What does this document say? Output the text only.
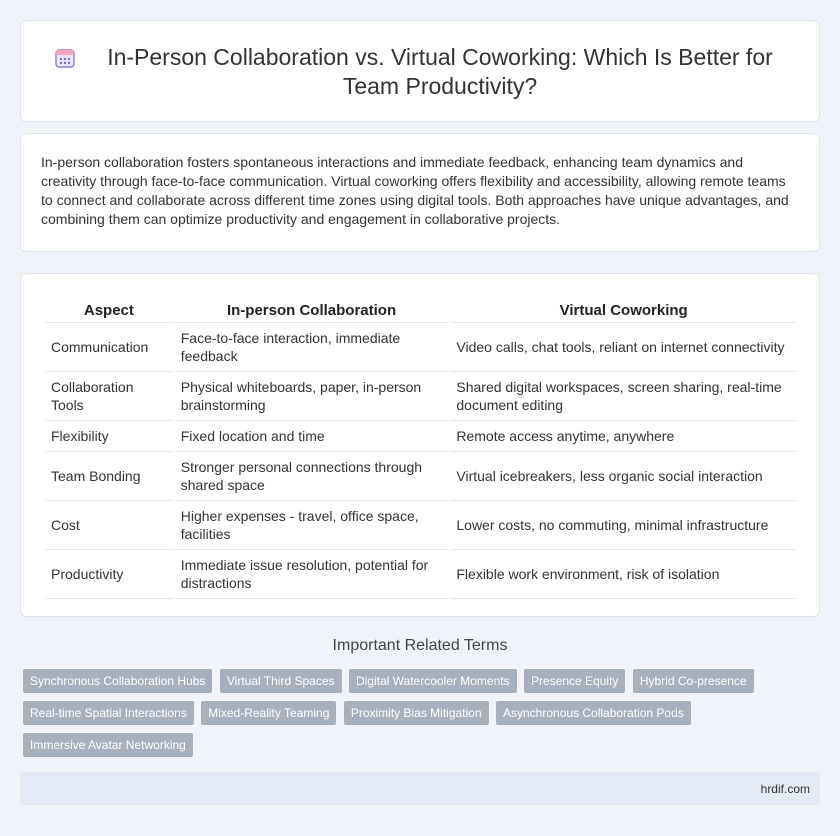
In-Person Collaboration vs. Virtual Coworking: Which Is Better for Team Productivity?

In-person collaboration fosters spontaneous interactions and immediate feedback, enhancing team dynamics and creativity through face-to-face communication. Virtual coworking offers flexibility and accessibility, allowing remote teams to connect and collaborate across different time zones using digital tools. Both approaches have unique advantages, and combining them can optimize productivity and engagement in collaborative projects.

Aspect	In-person Collaboration	Virtual Coworking
Communication	Face-to-face interaction, immediate feedback	Video calls, chat tools, reliant on internet connectivity
Collaboration Tools	Physical whiteboards, paper, in-person brainstorming	Shared digital workspaces, screen sharing, real-time document editing
Flexibility	Fixed location and time	Remote access anytime, anywhere
Team Bonding	Stronger personal connections through shared space	Virtual icebreakers, less organic social interaction
Cost	Higher expenses - travel, office space, facilities	Lower costs, no commuting, minimal infrastructure
Productivity	Immediate issue resolution, potential for distractions	Flexible work environment, risk of isolation
Important Related Terms
Synchronous Collaboration Hubs Virtual Third Spaces Digital Watercooler Moments Presence Equity Hybrid Co-presence Real-time Spatial Interactions Mixed-Reality Teaming Proximity Bias Mitigation Asynchronous Collaboration Pods Immersive Avatar Networking
hrdif.com
